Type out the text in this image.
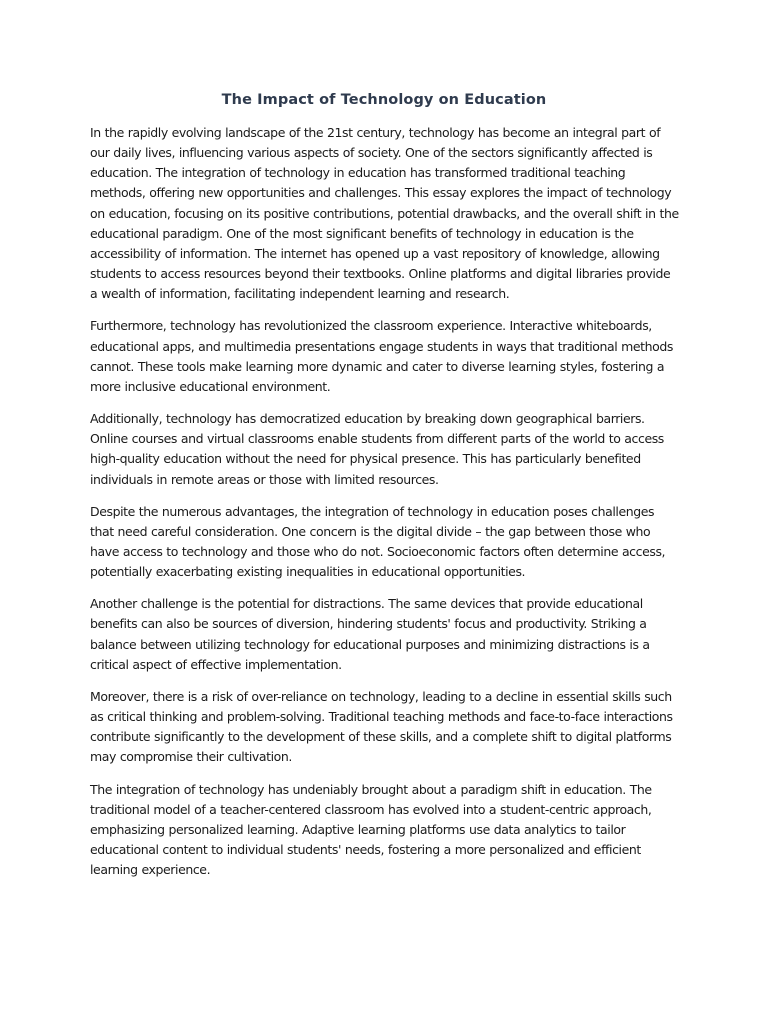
The Impact of Technology on Education

In the rapidly evolving landscape of the 21st century, technology has become an integral part of our daily lives, influencing various aspects of society. One of the sectors significantly affected is education. The integration of technology in education has transformed traditional teaching methods, offering new opportunities and challenges. This essay explores the impact of technology on education, focusing on its positive contributions, potential drawbacks, and the overall shift in the educational paradigm. One of the most significant benefits of technology in education is the accessibility of information. The internet has opened up a vast repository of knowledge, allowing students to access resources beyond their textbooks. Online platforms and digital libraries provide a wealth of information, facilitating independent learning and research.

Furthermore, technology has revolutionized the classroom experience. Interactive whiteboards, educational apps, and multimedia presentations engage students in ways that traditional methods cannot. These tools make learning more dynamic and cater to diverse learning styles, fostering a more inclusive educational environment.

Additionally, technology has democratized education by breaking down geographical barriers. Online courses and virtual classrooms enable students from different parts of the world to access high-quality education without the need for physical presence. This has particularly benefited individuals in remote areas or those with limited resources.

Despite the numerous advantages, the integration of technology in education poses challenges that need careful consideration. One concern is the digital divide – the gap between those who have access to technology and those who do not. Socioeconomic factors often determine access, potentially exacerbating existing inequalities in educational opportunities.

Another challenge is the potential for distractions. The same devices that provide educational benefits can also be sources of diversion, hindering students' focus and productivity. Striking a balance between utilizing technology for educational purposes and minimizing distractions is a critical aspect of effective implementation.

Moreover, there is a risk of over-reliance on technology, leading to a decline in essential skills such as critical thinking and problem-solving. Traditional teaching methods and face-to-face interactions contribute significantly to the development of these skills, and a complete shift to digital platforms may compromise their cultivation.

The integration of technology has undeniably brought about a paradigm shift in education. The traditional model of a teacher-centered classroom has evolved into a student-centric approach, emphasizing personalized learning. Adaptive learning platforms use data analytics to tailor educational content to individual students' needs, fostering a more personalized and efficient learning experience.
